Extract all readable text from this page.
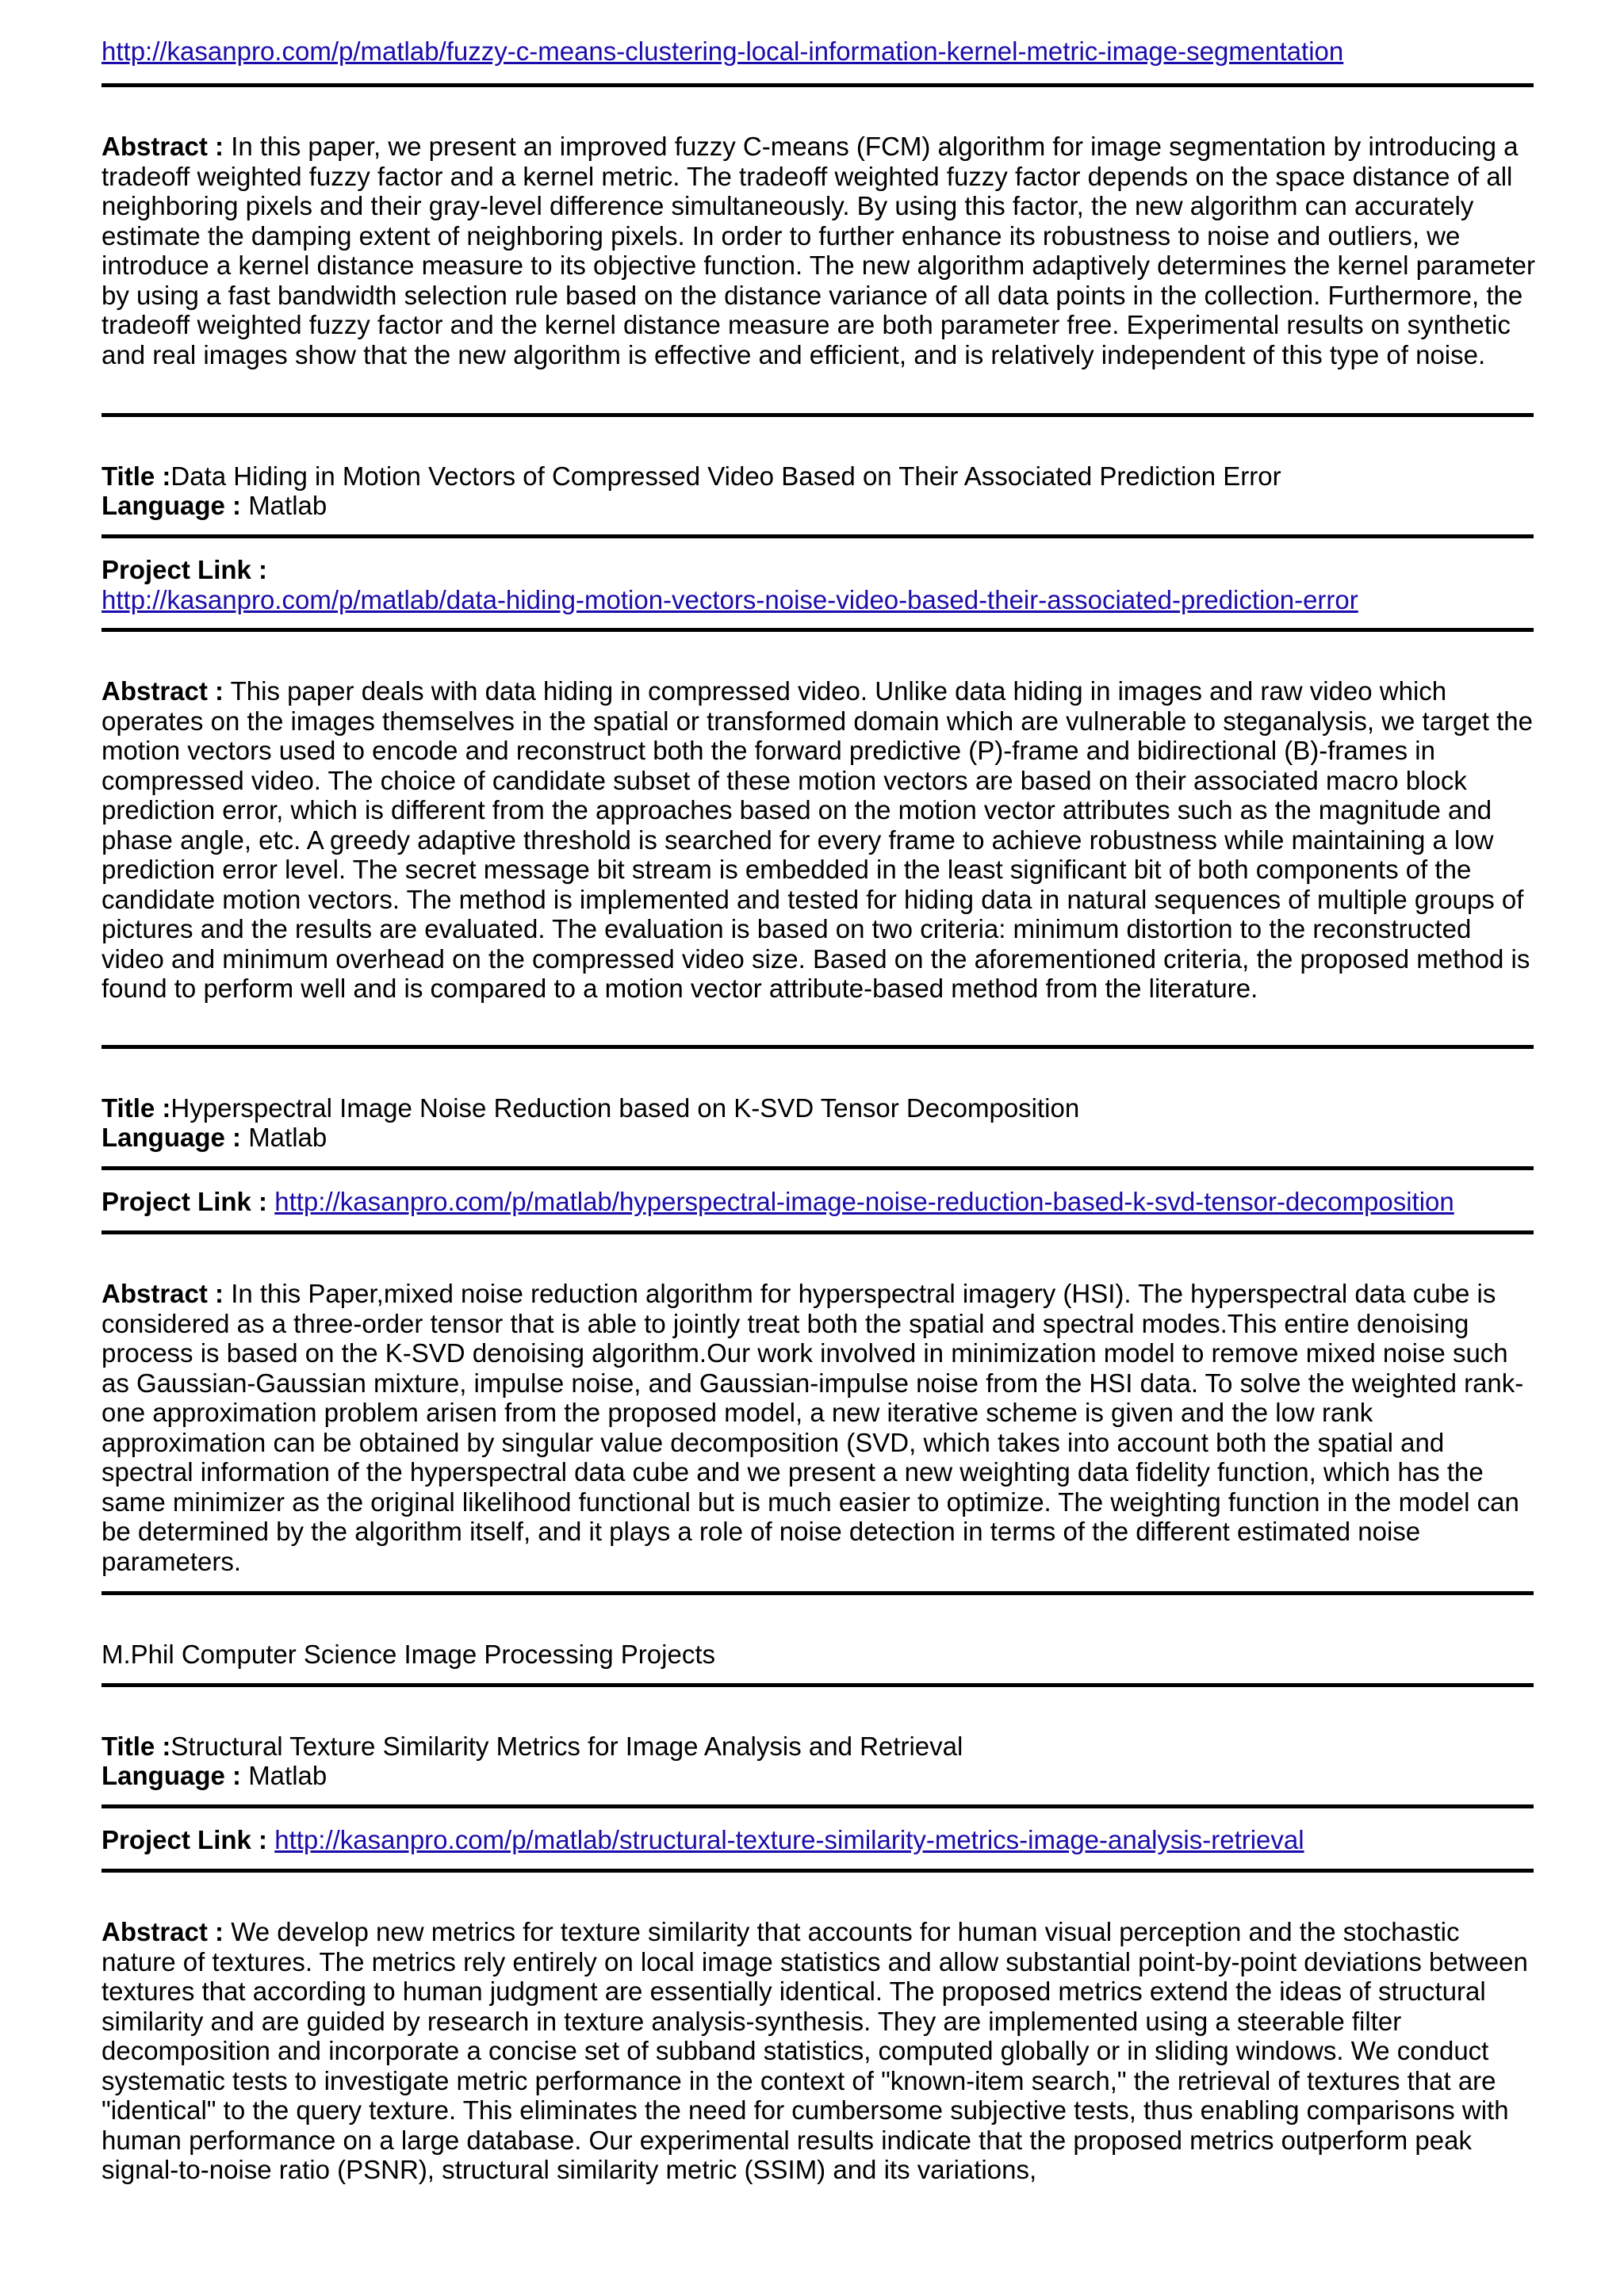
http://kasanpro.com/p/matlab/fuzzy-c-means-clustering-local-information-kernel-metric-image-segmentation

Abstract : In this paper, we present an improved fuzzy C-means (FCM) algorithm for image segmentation by introducing a tradeoff weighted fuzzy factor and a kernel metric. The tradeoff weighted fuzzy factor depends on the space distance of all neighboring pixels and their gray-level difference simultaneously. By using this factor, the new algorithm can accurately estimate the damping extent of neighboring pixels. In order to further enhance its robustness to noise and outliers, we introduce a kernel distance measure to its objective function. The new algorithm adaptively determines the kernel parameter by using a fast bandwidth selection rule based on the distance variance of all data points in the collection. Furthermore, the tradeoff weighted fuzzy factor and the kernel distance measure are both parameter free. Experimental results on synthetic and real images show that the new algorithm is effective and efficient, and is relatively independent of this type of noise.

Title :Data Hiding in Motion Vectors of Compressed Video Based on Their Associated Prediction Error

Language : Matlab

Project Link :
http://kasanpro.com/p/matlab/data-hiding-motion-vectors-noise-video-based-their-associated-prediction-error

Abstract : This paper deals with data hiding in compressed video. Unlike data hiding in images and raw video which operates on the images themselves in the spatial or transformed domain which are vulnerable to steganalysis, we target the motion vectors used to encode and reconstruct both the forward predictive (P)-frame and bidirectional (B)-frames in compressed video. The choice of candidate subset of these motion vectors are based on their associated macro block prediction error, which is different from the approaches based on the motion vector attributes such as the magnitude and phase angle, etc. A greedy adaptive threshold is searched for every frame to achieve robustness while maintaining a low prediction error level. The secret message bit stream is embedded in the least significant bit of both components of the candidate motion vectors. The method is implemented and tested for hiding data in natural sequences of multiple groups of pictures and the results are evaluated. The evaluation is based on two criteria: minimum distortion to the reconstructed video and minimum overhead on the compressed video size. Based on the aforementioned criteria, the proposed method is found to perform well and is compared to a motion vector attribute-based method from the literature.

Title :Hyperspectral Image Noise Reduction based on K-SVD Tensor Decomposition

Language : Matlab

Project Link : http://kasanpro.com/p/matlab/hyperspectral-image-noise-reduction-based-k-svd-tensor-decomposition

Abstract : In this Paper,mixed noise reduction algorithm for hyperspectral imagery (HSI). The hyperspectral data cube is considered as a three-order tensor that is able to jointly treat both the spatial and spectral modes.This entire denoising process is based on the K-SVD denoising algorithm.Our work involved in minimization model to remove mixed noise such as Gaussian-Gaussian mixture, impulse noise, and Gaussian-impulse noise from the HSI data. To solve the weighted rank-one approximation problem arisen from the proposed model, a new iterative scheme is given and the low rank approximation can be obtained by singular value decomposition (SVD, which takes into account both the spatial and spectral information of the hyperspectral data cube and we present a new weighting data fidelity function, which has the same minimizer as the original likelihood functional but is much easier to optimize. The weighting function in the model can be determined by the algorithm itself, and it plays a role of noise detection in terms of the different estimated noise parameters.

M.Phil Computer Science Image Processing Projects

Title :Structural Texture Similarity Metrics for Image Analysis and Retrieval

Language : Matlab

Project Link : http://kasanpro.com/p/matlab/structural-texture-similarity-metrics-image-analysis-retrieval

Abstract : We develop new metrics for texture similarity that accounts for human visual perception and the stochastic nature of textures. The metrics rely entirely on local image statistics and allow substantial point-by-point deviations between textures that according to human judgment are essentially identical. The proposed metrics extend the ideas of structural similarity and are guided by research in texture analysis-synthesis. They are implemented using a steerable filter decomposition and incorporate a concise set of subband statistics, computed globally or in sliding windows. We conduct systematic tests to investigate metric performance in the context of "known-item search," the retrieval of textures that are "identical" to the query texture. This eliminates the need for cumbersome subjective tests, thus enabling comparisons with human performance on a large database. Our experimental results indicate that the proposed metrics outperform peak signal-to-noise ratio (PSNR), structural similarity metric (SSIM) and its variations,
